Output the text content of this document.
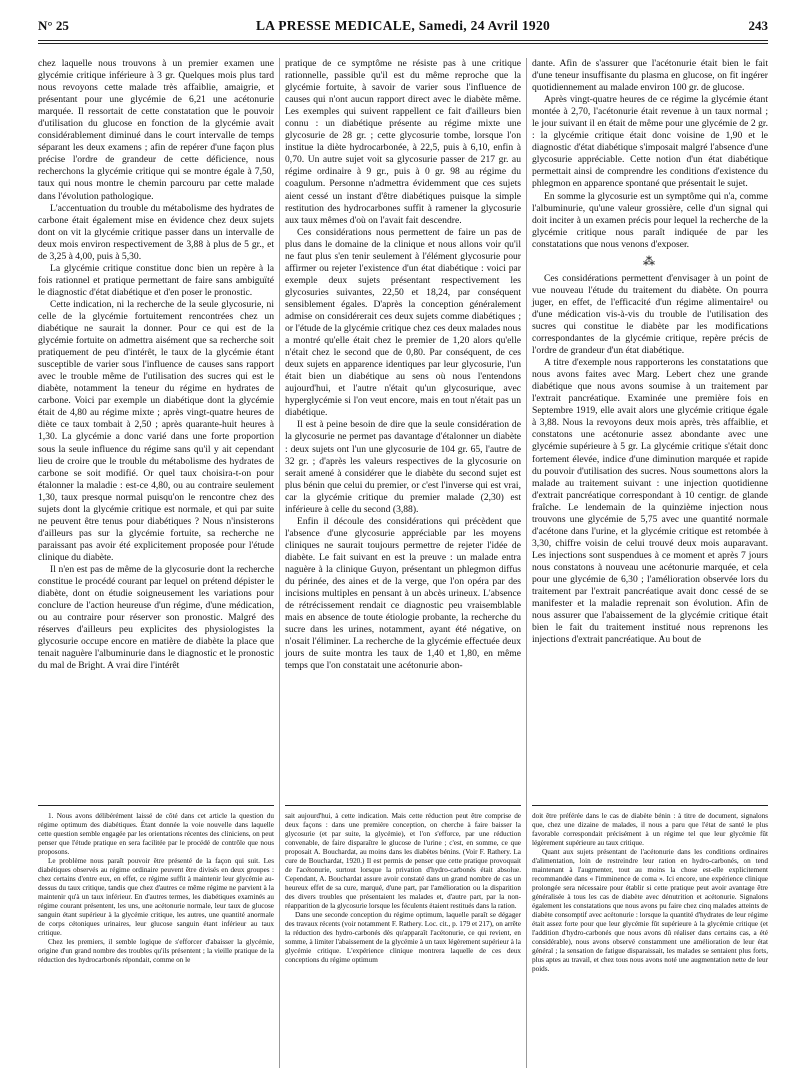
N° 25	LA PRESSE MEDICALE, Samedi, 24 Avril 1920	243

chez laquelle nous trouvons à un premier examen une glycémie critique inférieure à 3 gr. Quelques mois plus tard nous revoyons cette malade très affaiblie, amaigrie, et présentant pour une glycémie de 6,21 une acétonurie marquée. Il ressortait de cette constatation que le pouvoir d'utilisation du glucose en fonction de la glycémie avait considérablement diminué dans le court intervalle de temps séparant les deux examens ; afin de repérer d'une façon plus précise l'ordre de grandeur de cette déficience, nous recherchons la glycémie critique qui se montre égale à 7,50, taux qui nous montre le chemin parcouru par cette malade dans l'évolution pathologique.

L'accentuation du trouble du métabolisme des hydrates de carbone était également mise en évidence chez deux sujets dont on vit la glycémie critique passer dans un intervalle de deux mois environ respectivement de 3,88 à plus de 5 gr., et de 3,25 à 4,00, puis à 5,30.

La glycémie critique constitue donc bien un repère à la fois rationnel et pratique permettant de faire sans ambiguïté le diagnostic d'état diabétique et d'en poser le pronostic.

Cette indication, ni la recherche de la seule glycosurie, ni celle de la glycémie fortuitement rencontrées chez un diabétique ne saurait la donner. Pour ce qui est de la glycémie fortuite on admettra aisément que sa recherche soit pratiquement de peu d'intérêt, le taux de la glycémie étant susceptible de varier sous l'influence de causes sans rapport avec le trouble même de l'utilisation des sucres qui est le diabète, notamment la teneur du régime en hydrates de carbone. Voici par exemple un diabétique dont la glycémie était de 4,80 au régime mixte ; après vingt-quatre heures de diète ce taux tombait à 2,50 ; après quarante-huit heures à 1,30. La glycémie a donc varié dans une forte proportion sous la seule influence du régime sans qu'il y ait cependant lieu de croire que le trouble du métabolisme des hydrates de carbone se soit modifié. Or quel taux choisira-t-on pour étalonner la maladie : est-ce 4,80, ou au contraire seulement 1,30, taux presque normal puisqu'on le rencontre chez des sujets dont la glycémie critique est normale, et qui par suite ne peuvent être tenus pour diabétiques ? Nous n'insisterons d'ailleurs pas sur la glycémie fortuite, sa recherche ne paraissant pas avoir été explicitement proposée pour l'étude clinique du diabète.

Il n'en est pas de même de la glycosurie dont la recherche constitue le procédé courant par lequel on prétend dépister le diabète, dont on étudie soigneusement les variations pour conclure de l'action heureuse d'un régime, d'une médication, ou au contraire pour réserver son pronostic. Malgré des réserves d'ailleurs peu explicites des physiologistes la glycosurie occupe encore en matière de diabète la place que tenait naguère l'albuminurie dans le diagnostic et le pronostic du mal de Bright. A vrai dire l'intérêt

pratique de ce symptôme ne résiste pas à une critique rationnelle, passible qu'il est du même reproche que la glycémie fortuite, à savoir de varier sous l'influence de causes qui n'ont aucun rapport direct avec le diabète même. Les exemples qui suivent rappellent ce fait d'ailleurs bien connu : un diabétique présente au régime mixte une glycosurie de 28 gr. ; cette glycosurie tombe, lorsque l'on institue la diète hydrocarbonée, à 22,5, puis à 6,10, enfin à 0,70. Un autre sujet voit sa glycosurie passer de 217 gr. au régime ordinaire à 9 gr., puis à 0 gr. 98 au régime du coagulum. Personne n'admettra évidemment que ces sujets aient cessé un instant d'être diabétiques puisque la simple restitution des hydrocarbones suffit à ramener la glycosurie aux taux mêmes d'où on l'avait fait descendre.

Ces considérations nous permettent de faire un pas de plus dans le domaine de la clinique et nous allons voir qu'il ne faut plus s'en tenir seulement à l'élément glycosurie pour affirmer ou rejeter l'existence d'un état diabétique : voici par exemple deux sujets présentant respectivement les glycosuries suivantes, 22,50 et 18,24, par conséquent sensiblement égales. D'après la conception généralement admise on considérerait ces deux sujets comme diabétiques ; or l'étude de la glycémie critique chez ces deux malades nous a montré qu'elle était chez le premier de 1,20 alors qu'elle n'était chez le second que de 0,80. Par conséquent, de ces deux sujets en apparence identiques par leur glycosurie, l'un était bien un diabétique au sens où nous l'entendons aujourd'hui, et l'autre n'était qu'un glycosurique, avec hyperglycémie si l'on veut encore, mais en tout n'était pas un diabétique.

Il est à peine besoin de dire que la seule considération de la glycosurie ne permet pas davantage d'étalonner un diabète : deux sujets ont l'un une glycosurie de 104 gr. 65, l'autre de 32 gr. ; d'après les valeurs respectives de la glycosurie on serait amené à considérer que le diabète du second sujet est plus bénin que celui du premier, or c'est l'inverse qui est vrai, car la glycémie critique du premier malade (2,30) est inférieure à celle du second (3,88).

Enfin il découle des considérations qui précèdent que l'absence d'une glycosurie appréciable par les moyens cliniques ne saurait toujours permettre de rejeter l'idée de diabète. Le fait suivant en est la preuve : un malade entra naguère à la clinique Guyon, présentant un phlegmon diffus du périnée, des aines et de la verge, que l'on opéra par des incisions multiples en pensant à un abcès urineux. L'absence de rétrécissement rendait ce diagnostic peu vraisemblable mais en absence de toute étiologie probante, la recherche du sucre dans les urines, notamment, ayant été négative, on n'osait l'éliminer. La recherche de la glycémie effectuée deux jours de suite montra les taux de 1,40 et 1,80, en même temps que l'on constatait une acétonurie abon-

dante. Afin de s'assurer que l'acétonurie était bien le fait d'une teneur insuffisante du plasma en glucose, on fit ingérer quotidiennement au malade environ 100 gr. de glucose.

Après vingt-quatre heures de ce régime la glycémie étant montée à 2,70, l'acétonurie était revenue à un taux normal ; le jour suivant il en était de même pour une glycémie de 2 gr. : la glycémie critique était donc voisine de 1,90 et le diagnostic d'état diabétique s'imposait malgré l'absence d'une glycosurie appréciable. Cette notion d'un état diabétique permettait ainsi de comprendre les conditions d'existence du phlegmon en apparence spontané que présentait le sujet.

En somme la glycosurie est un symptôme qui n'a, comme l'albuminurie, qu'une valeur grossière, celle d'un signal qui doit inciter à un examen précis pour lequel la recherche de la glycémie critique nous paraît indiquée de par les constatations que nous venons d'exposer.

⁂

Ces considérations permettent d'envisager à un point de vue nouveau l'étude du traitement du diabète. On pourra juger, en effet, de l'efficacité d'un régime alimentaire¹ ou d'une médication vis-à-vis du trouble de l'utilisation des sucres qui constitue le diabète par les modifications correspondantes de la glycémie critique, repère précis de l'ordre de grandeur d'un état diabétique.

A titre d'exemple nous rapporterons les constatations que nous avons faites avec Marg. Lebert chez une grande diabétique que nous avons soumise à un traitement par l'extrait pancréatique. Examinée une première fois en Septembre 1919, elle avait alors une glycémie critique égale à 3,88. Nous la revoyons deux mois après, très affaiblie, et constatons une acétonurie assez abondante avec une glycémie supérieure à 5 gr. La glycémie critique s'était donc fortement élevée, indice d'une diminution marquée et rapide du pouvoir d'utilisation des sucres. Nous soumettons alors la malade au traitement suivant : une injection quotidienne d'extrait pancréatique correspondant à 10 centigr. de glande fraîche. Le lendemain de la quinzième injection nous trouvons une glycémie de 5,75 avec une quantité normale d'acétone dans l'urine, et la glycémie critique est retombée à 3,30, chiffre voisin de celui trouvé deux mois auparavant. Les injections sont suspendues à ce moment et après 7 jours nous constatons à nouveau une acétonurie marquée, et cela pour une glycémie de 6,30 ; l'amélioration observée lors du traitement par l'extrait pancréatique avait donc cessé de se manifester et la maladie reprenait son évolution. Afin de nous assurer que l'abaissement de la glycémie critique était bien le fait du traitement institué nous reprenons les injections d'extrait pancréatique. Au bout de

1. Nous avons délibérément laissé de côté dans cet article la question du régime optimum des diabétiques. Étant donnée la voie nouvelle dans laquelle cette question semble engagée par les orientations récentes des cliniciens, on peut penser que l'étude pratique en sera facilitée par le procédé de contrôle que nous proposons.

Le problème nous paraît pouvoir être présenté de la façon qui suit. Les diabétiques observés au régime ordinaire peuvent être divisés en deux groupes : chez certains d'entre eux, en effet, ce régime suffit à maintenir leur glycémie au-dessus du taux critique, tandis que chez d'autres ce même régime ne parvient à la maintenir qu'à un taux inférieur. En d'autres termes, les diabétiques examinés au régime courant présentent, les uns, une acétonurie normale, leur taux de glucose sanguin étant supérieur à la glycémie critique, les autres, une quantité anormale de corps cétoniques urinaires, leur glucose sanguin étant inférieur au taux critique.

Chez les premiers, il semble logique de s'efforcer d'abaisser la glycémie, origine d'un grand nombre des troubles qu'ils présentent ; la vieille pratique de la réduction des hydrocarbonés répondait, comme on le

sait aujourd'hui, à cette indication. Mais cette réduction peut être comprise de deux façons : dans une première conception, on cherche à faire baisser la glycosurie (et par suite, la glycémie), et l'on s'efforce, par une réduction convenable, de faire disparaître le glucose de l'urine ; c'est, en somme, ce que proposait A. Bouchardat, au moins dans les diabètes bénins. (Voir F. Rathery. La cure de Bouchardat, 1920.) Il est permis de penser que cette pratique provoquait de l'acétonurie, surtout lorsque la privation d'hydro-carbonés était absolue. Cependant, A. Bouchardat assure avoir constaté dans un grand nombre de cas un heureux effet de sa cure, marqué, d'une part, par l'amélioration ou la disparition des divers troubles que présentaient les malades et, d'autre part, par la non-réapparition de la glycosurie lorsque les féculents étaient restitués dans la ration.

Dans une seconde conception du régime optimum, laquelle paraît se dégager des travaux récents (voir notamment F. Rathery. Loc. cit., p. 179 et 217), on arrête la réduction des hydro-carbonés dès qu'apparaît l'acétonurie, ce qui revient, en somme, à limiter l'abaissement de la glycémie à un taux légèrement supérieur à la glycémie critique. L'expérience clinique montrera laquelle de ces deux conceptions du régime optimum

doit être préférée dans le cas de diabète bénin : à titre de document, signalons que, chez une dizaine de malades, il nous a paru que l'état de santé le plus favorable correspondait précisément à un régime tel que leur glycémie fût légèrement supérieure au taux critique.

Quant aux sujets présentant de l'acétonurie dans les conditions ordinaires d'alimentation, loin de restreindre leur ration en hydro-carbonés, on tend maintenant à l'augmenter, tout au moins la chose est-elle explicitement recommandée dans « l'imminence de coma ». Ici encore, une expérience clinique prolongée sera nécessaire pour établir si cette pratique peut avoir avantage être généralisée à tous les cas de diabète avec dénutrition et acétonurie. Signalons également les constatations que nous avons pu faire chez cinq malades atteints de diabète consomptif avec acétonurie : lorsque la quantité d'hydrates de leur régime était assez forte pour que leur glycémie fût supérieure à la glycémie critique (et l'addition d'hydro-carbonés que nous avons dû réaliser dans certains cas, a été considérable), nous avons observé constamment une amélioration de leur état général ; la sensation de fatigue disparaissait, les malades se sentaient plus forts, plus aptes au travail, et chez tous nous avons noté une augmentation nette de leur poids.
